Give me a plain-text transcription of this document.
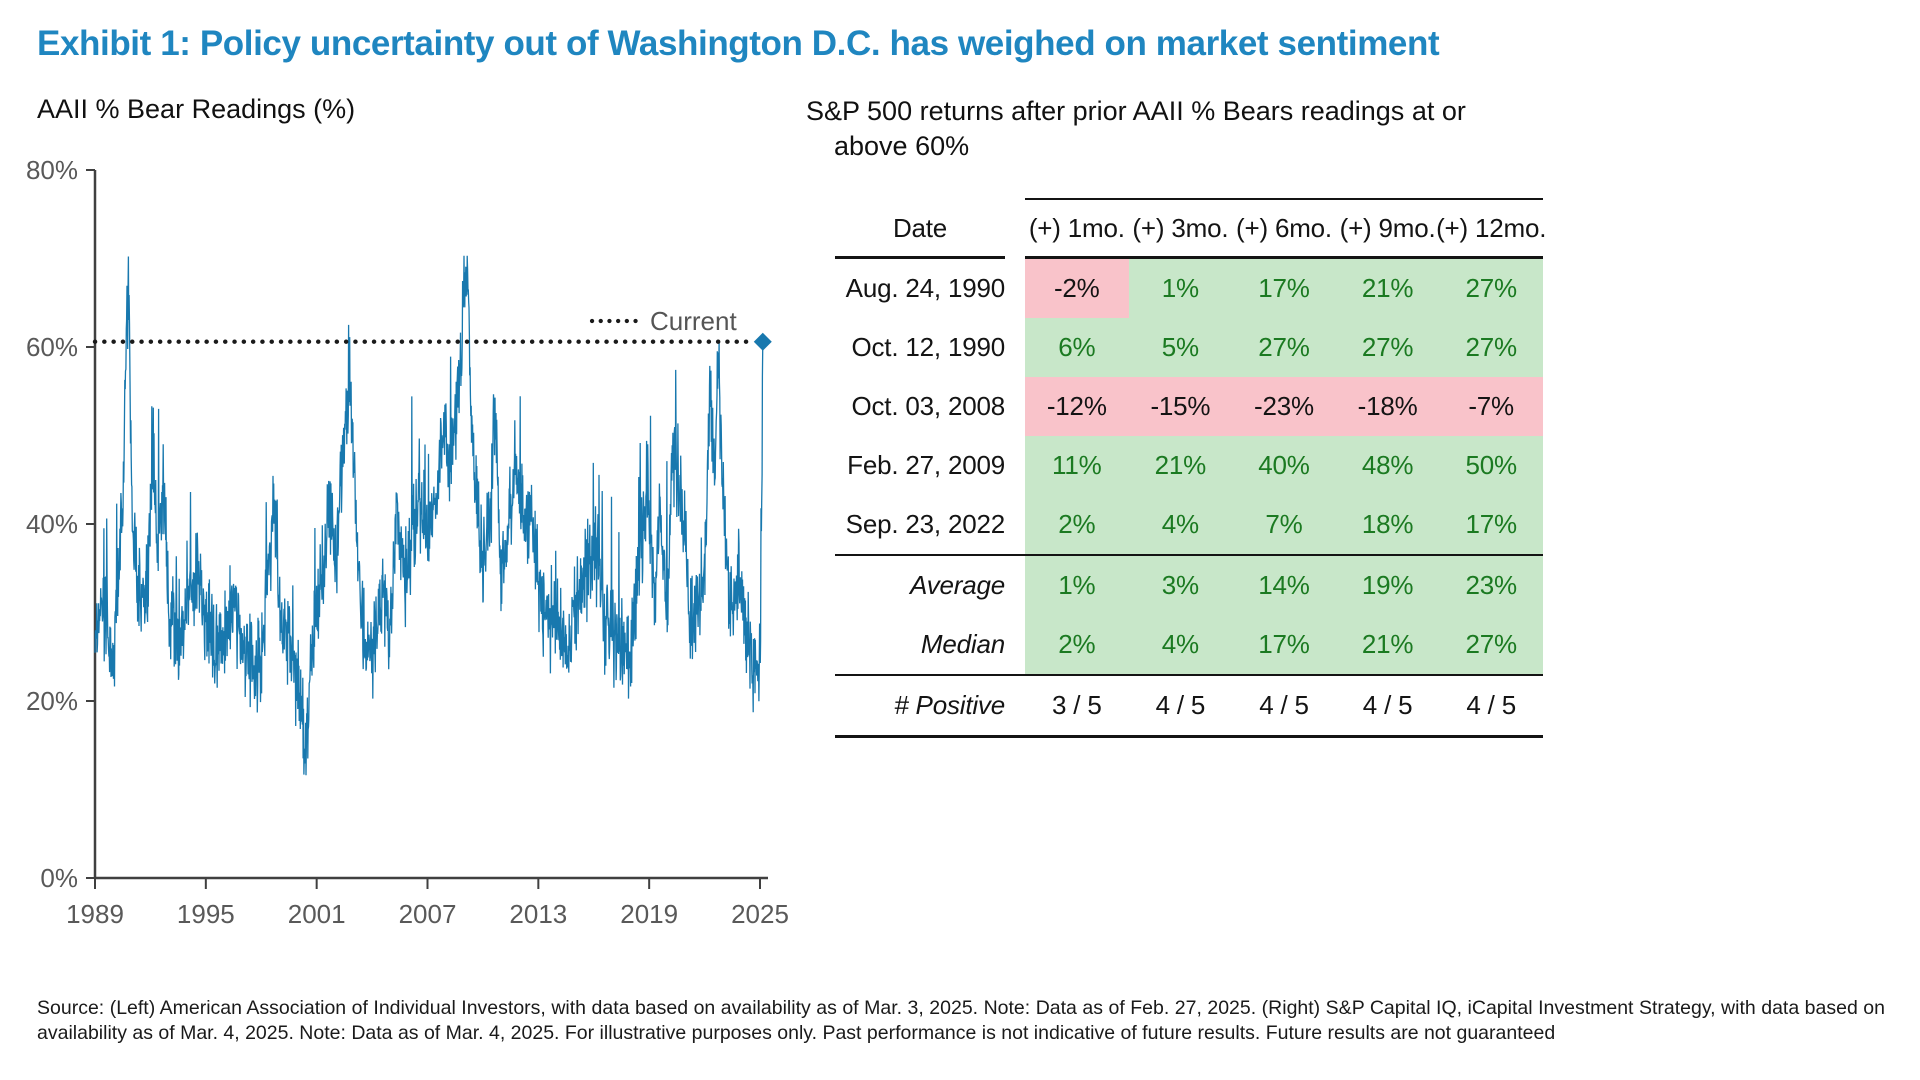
Exhibit 1: Policy uncertainty out of Washington D.C. has weighed on market sentiment
AAII % Bear Readings (%)
0%
20%
40%
60%
80%
1989 1995 2001 2007 2013 2019 2025
Current
S&P 500 returns after prior AAII % Bears readings at or
above 60%
Date	(+) 1mo. (+) 3mo. (+) 6mo. (+) 9mo. (+) 12mo.
Aug. 24, 1990	-2%	1%	17%	21%	27%
Oct. 12, 1990	6%	5%	27%	27%	27%
Oct. 03, 2008	-12%	-15%	-23%	-18%	-7%
Feb. 27, 2009	11%	21%	40%	48%	50%
Sep. 23, 2022	2%	4%	7%	18%	17%
Average	1%	3%	14%	19%	23%
Median	2%	4%	17%	21%	27%
# Positive	3 / 5	4 / 5	4 / 5	4 / 5	4 / 5
Source: (Left) American Association of Individual Investors, with data based on availability as of Mar. 3, 2025. Note: Data as of Feb. 27, 2025. (Right) S&P Capital IQ, iCapital Investment Strategy, with data based on availability as of Mar. 4, 2025. Note: Data as of Mar. 4, 2025. For illustrative purposes only. Past performance is not indicative of future results. Future results are not guaranteed
